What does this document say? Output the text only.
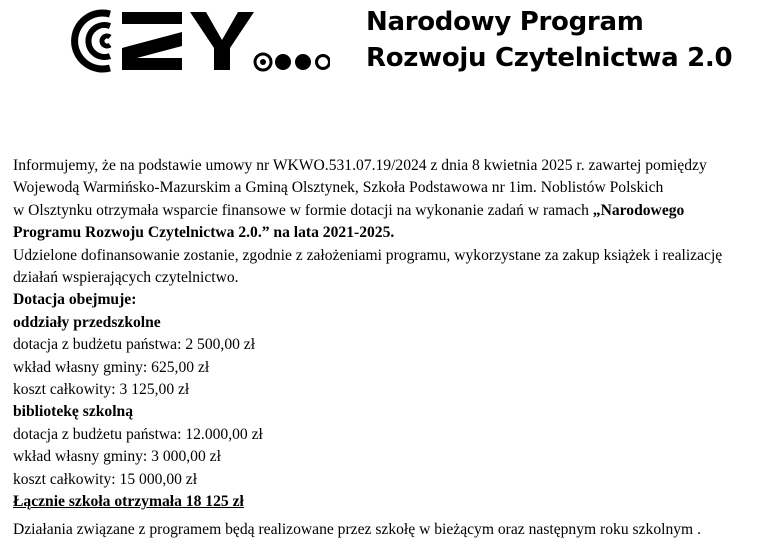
Narodowy Program
Rozwoju Czytelnictwa 2.0
Informujemy, że na podstawie umowy nr WKWO.531.07.19/2024 z dnia 8 kwietnia 2025 r. zawartej pomiędzy
Wojewodą Warmińsko-Mazurskim a Gminą Olsztynek, Szkoła Podstawowa nr 1im. Noblistów Polskich
w Olsztynku otrzymała wsparcie finansowe w formie dotacji na wykonanie zadań w ramach „Narodowego
Programu Rozwoju Czytelnictwa 2.0.” na lata 2021-2025.
Udzielone dofinansowanie zostanie, zgodnie z założeniami programu, wykorzystane za zakup książek i realizację
działań wspierających czytelnictwo.
Dotacja obejmuje:
oddziały przedszkolne
dotacja z budżetu państwa: 2 500,00 zł
wkład własny gminy: 625,00 zł
koszt całkowity: 3 125,00 zł
bibliotekę szkolną
dotacja z budżetu państwa: 12.000,00 zł
wkład własny gminy: 3 000,00 zł
koszt całkowity: 15 000,00 zł
Łącznie szkoła otrzymała 18 125 zł
Działania związane z programem będą realizowane przez szkołę w bieżącym oraz następnym roku szkolnym .
